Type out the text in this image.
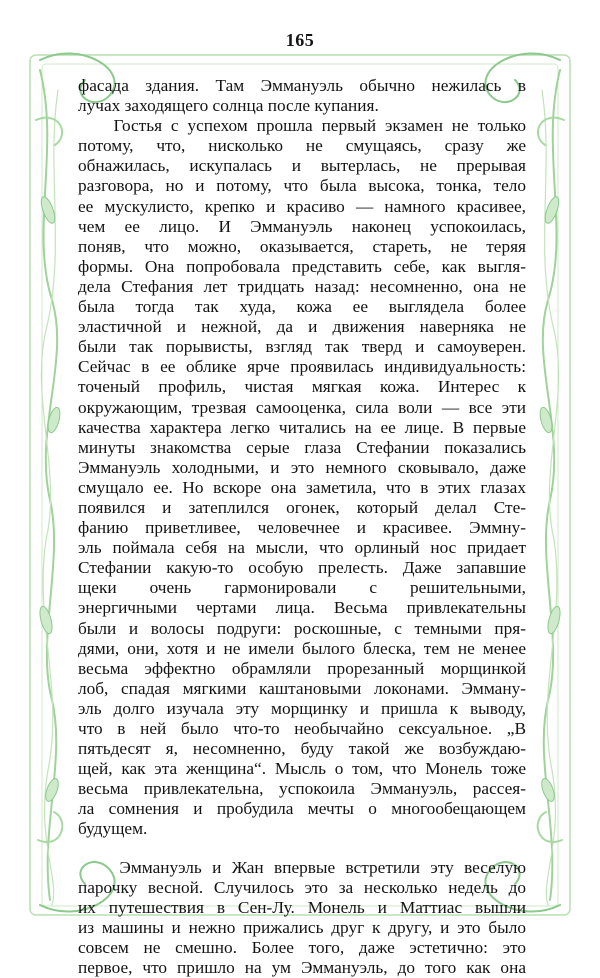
165

фасада здания. Там Эммануэль обычно нежилась в
лучах заходящего солнца после купания.

Гостья с успехом прошла первый экзамен не только
потому, что, нисколько не смущаясь, сразу же
обнажилась, искупалась и вытерлась, не прерывая
разговора, но и потому, что была высока, тонка, тело
ее мускулисто, крепко и красиво — намного красивее,
чем ее лицо. И Эммануэль наконец успокоилась,
поняв, что можно, оказывается, стареть, не теряя
формы. Она попробовала представить себе, как выгля-
дела Стефания лет тридцать назад: несомненно, она не
была тогда так худа, кожа ее выглядела более
эластичной и нежной, да и движения наверняка не
были так порывисты, взгляд так тверд и самоуверен.
Сейчас в ее облике ярче проявилась индивидуальность:
точеный профиль, чистая мягкая кожа. Интерес к
окружающим, трезвая самооценка, сила воли — все эти
качества характера легко читались на ее лице. В первые
минуты знакомства серые глаза Стефании показались
Эммануэль холодными, и это немного сковывало, даже
смущало ее. Но вскоре она заметила, что в этих глазах
появился и затеплился огонек, который делал Сте-
фанию приветливее, человечнее и красивее. Эммну-
эль поймала себя на мысли, что орлиный нос придает
Стефании какую-то особую прелесть. Даже запавшие
щеки очень гармонировали с решительными,
энергичными чертами лица. Весьма привлекательны
были и волосы подруги: роскошные, с темными пря-
дями, они, хотя и не имели былого блеска, тем не менее
весьма эффектно обрамляли прорезанный морщинкой
лоб, спадая мягкими каштановыми локонами. Эмману-
эль долго изучала эту морщинку и пришла к выводу,
что в ней было что-то необычайно сексуальное. „В
пятьдесят я, несомненно, буду такой же возбуждаю-
щей, как эта женщина“. Мысль о том, что Монель тоже
весьма привлекательна, успокоила Эммануэль, рассея-
ла сомнения и пробудила мечты о многообещающем
будущем.

Эммануэль и Жан впервые встретили эту веселую
парочку весной. Случилось это за несколько недель до
их путешествия в Сен-Лу. Монель и Маттиас вышли
из машины и нежно прижались друг к другу, и это было
совсем не смешно. Более того, даже эстетично: это
первое, что пришло на ум Эммануэль, до того как она
